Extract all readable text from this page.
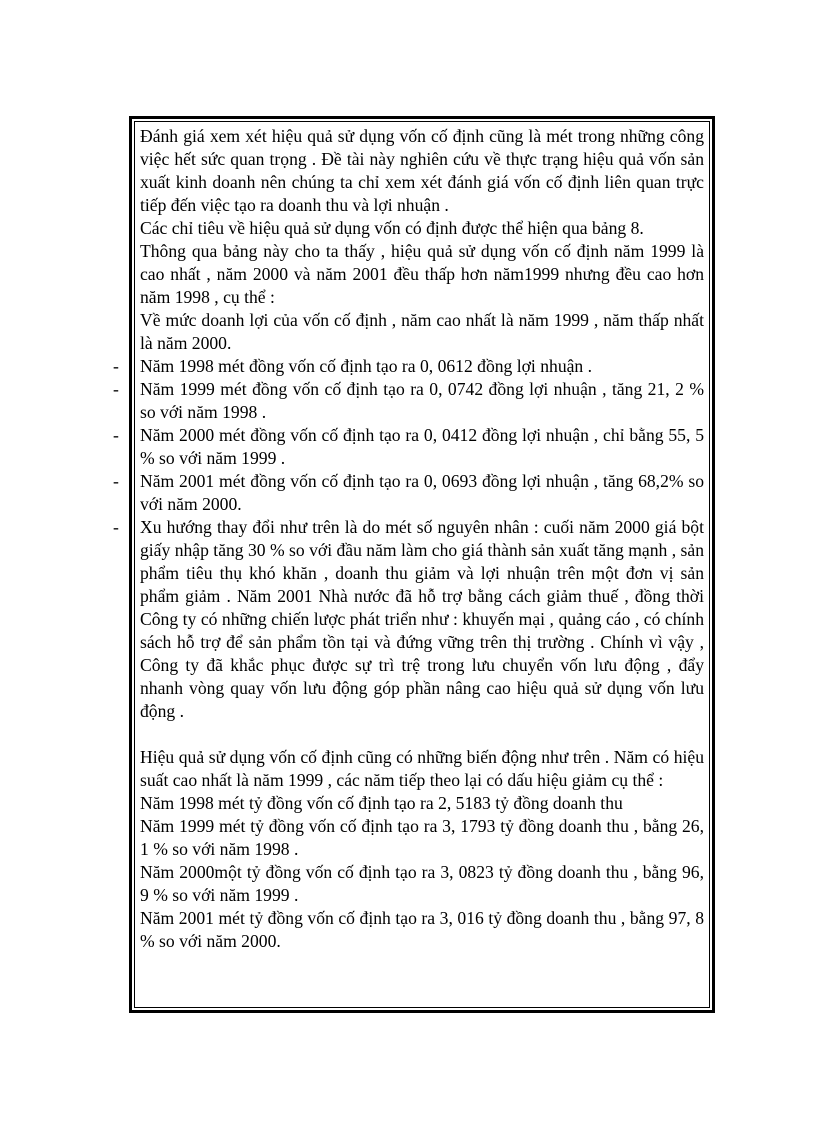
Đánh giá xem xét hiệu quả sử dụng vốn cố định cũng là mét trong những công việc hết sức quan trọng . Đề tài này nghiên cứu về thực trạng hiệu quả vốn sản xuất kinh doanh nên chúng ta chỉ xem xét đánh giá vốn cố định liên quan trực tiếp đến việc tạo ra doanh thu và lợi nhuận .

Các chỉ tiêu về hiệu quả sử dụng vốn có định được thể hiện qua bảng 8.

Thông qua bảng này cho ta thấy , hiệu quả sử dụng vốn cố định năm 1999 là cao nhất , năm 2000 và năm 2001 đều thấp hơn năm1999 nhưng đều cao hơn năm 1998 , cụ thể :

Về mức doanh lợi của vốn cố định , năm cao nhất là năm 1999 , năm thấp nhất là năm 2000.

- Năm 1998 mét đồng vốn cố định tạo ra 0, 0612 đồng lợi nhuận .
- Năm 1999 mét đồng vốn cố định tạo ra 0, 0742 đồng lợi nhuận , tăng 21, 2 % so với năm 1998 .
- Năm 2000 mét đồng vốn cố định tạo ra 0, 0412 đồng lợi nhuận , chỉ bằng 55, 5 % so với năm 1999 .
- Năm 2001 mét đồng vốn cố định tạo ra 0, 0693 đồng lợi nhuận , tăng 68,2% so với năm 2000.
- Xu hướng thay đổi như trên là do mét số nguyên nhân : cuối năm 2000 giá bột giấy nhập tăng 30 % so với đầu năm làm cho giá thành sản xuất tăng mạnh , sản phẩm tiêu thụ khó khăn , doanh thu giảm và lợi nhuận trên một đơn vị sản phẩm giảm . Năm 2001 Nhà nước đã hỗ trợ bằng cách giảm thuế , đồng thời Công ty có những chiến lược phát triển như : khuyến mại , quảng cáo , có chính sách hỗ trợ để sản phẩm tồn tại và đứng vững trên thị trường . Chính vì vậy , Công ty đã khắc phục được sự trì trệ trong lưu chuyển vốn lưu động , đẩy nhanh vòng quay vốn lưu động góp phần nâng cao hiệu quả sử dụng vốn lưu động .

Hiệu quả sử dụng vốn cố định cũng có những biến động như trên . Năm có hiệu suất cao nhất là năm 1999 , các năm tiếp theo lại có dấu hiệu giảm cụ thể :

Năm 1998 mét tỷ đồng vốn cố định tạo ra 2, 5183 tỷ đồng doanh thu

Năm 1999 mét tỷ đồng vốn cố định tạo ra 3, 1793 tỷ đồng doanh thu , bằng 26, 1 % so với năm 1998 .

Năm 2000một tỷ đồng vốn cố định tạo ra 3, 0823 tỷ đồng doanh thu , bằng 96, 9 % so với năm 1999 .

Năm 2001 mét tỷ đồng vốn cố định tạo ra 3, 016 tỷ đồng doanh thu , bằng 97, 8 % so với năm 2000.
